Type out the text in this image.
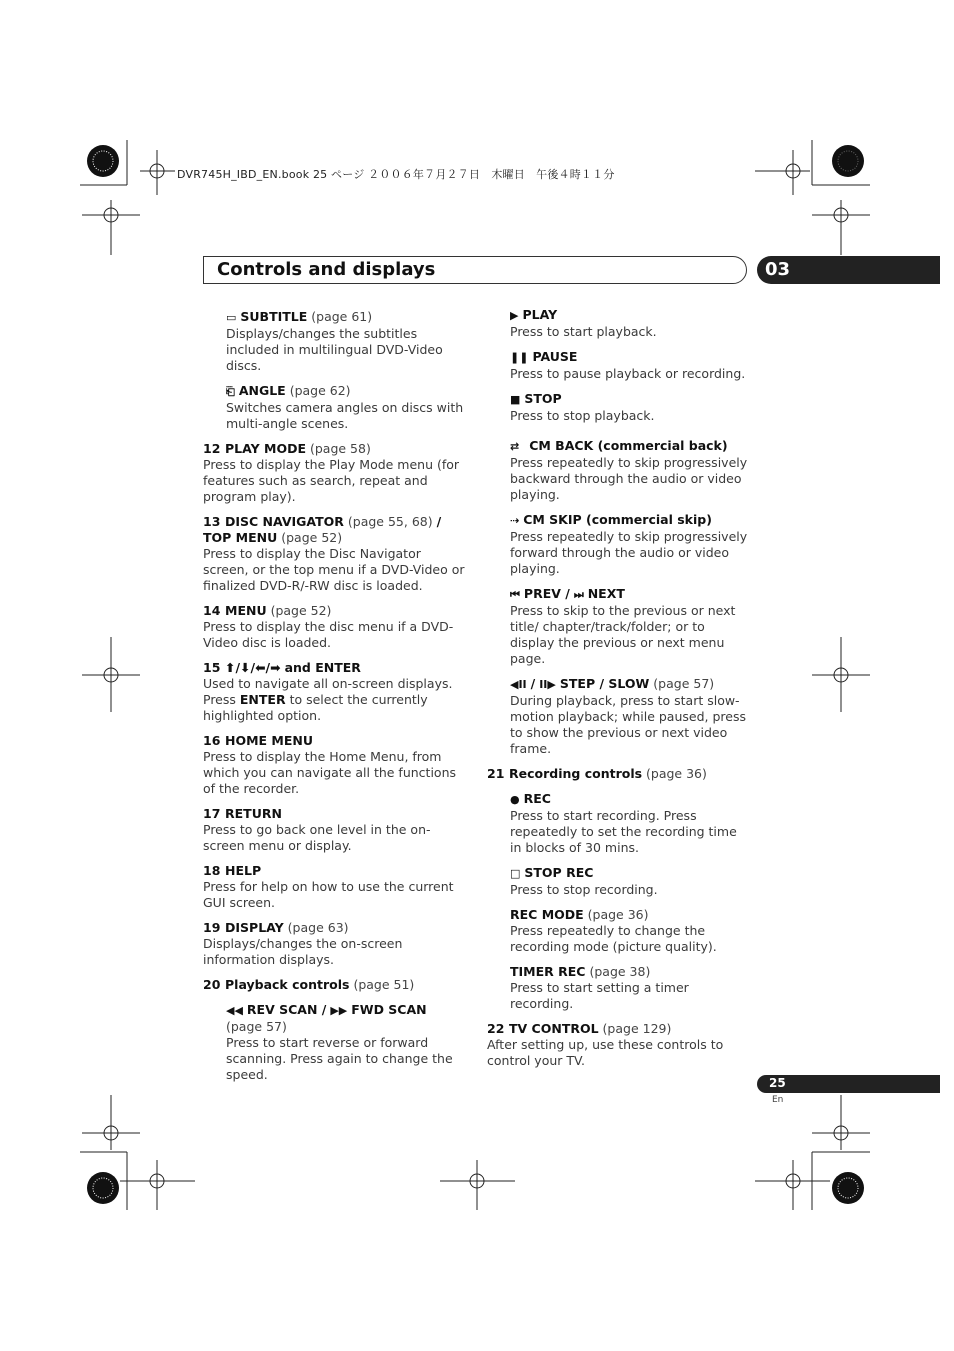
DVR745H_IBD_EN.book 25 ページ ２００６年７月２７日　木曜日　午後４時１１分
Controls and displays	03
▭ SUBTITLE (page 61)
Displays/changes the subtitles included in multilingual DVD-Video discs.
⎗ ANGLE (page 62)
Switches camera angles on discs with multi-angle scenes.
12 PLAY MODE (page 58)
Press to display the Play Mode menu (for features such as search, repeat and program play).
13 DISC NAVIGATOR (page 55, 68) / TOP MENU (page 52)
Press to display the Disc Navigator screen, or the top menu if a DVD-Video or finalized DVD-R/-RW disc is loaded.
14 MENU (page 52)
Press to display the disc menu if a DVD-Video disc is loaded.
15 ⬆/⬇/⬅/➡ and ENTER
Used to navigate all on-screen displays. Press ENTER to select the currently highlighted option.
16 HOME MENU
Press to display the Home Menu, from which you can navigate all the functions of the recorder.
17 RETURN
Press to go back one level in the on-screen menu or display.
18 HELP
Press for help on how to use the current GUI screen.
19 DISPLAY (page 63)
Displays/changes the on-screen information displays.
20 Playback controls (page 51)
◀◀ REV SCAN / ▶▶ FWD SCAN
(page 57)
Press to start reverse or forward scanning. Press again to change the speed.
▶ PLAY
Press to start playback.
❚❚ PAUSE
Press to pause playback or recording.
■ STOP
Press to stop playback.
⇄ CM BACK (commercial back)
Press repeatedly to skip progressively backward through the audio or video playing.
⇢ CM SKIP (commercial skip)
Press repeatedly to skip progressively forward through the audio or video playing.
⏮ PREV / ⏭ NEXT
Press to skip to the previous or next title/ chapter/track/folder; or to display the previous or next menu page.
◀II / II▶ STEP / SLOW (page 57)
During playback, press to start slow-motion playback; while paused, press to show the previous or next video frame.
21 Recording controls (page 36)
● REC
Press to start recording. Press repeatedly to set the recording time in blocks of 30 mins.
□ STOP REC
Press to stop recording.
REC MODE (page 36)
Press repeatedly to change the recording mode (picture quality).
TIMER REC (page 38)
Press to start setting a timer recording.
22 TV CONTROL (page 129)
After setting up, use these controls to control your TV.
25
En
